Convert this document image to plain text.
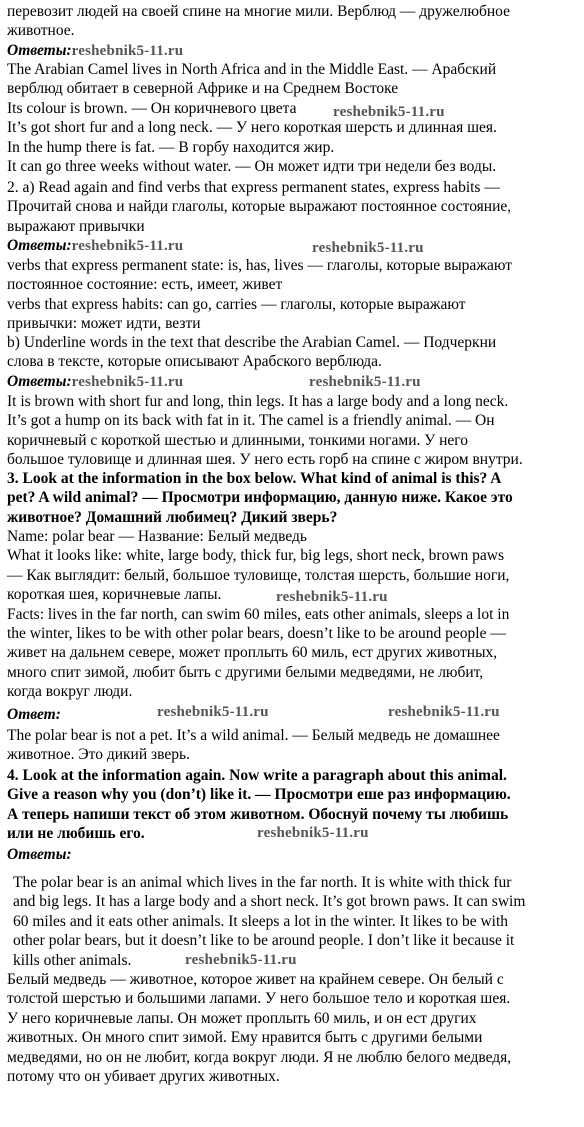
перевозит людей на своей спине на многие мили. Верблюд — дружелюбное
животное.
Ответы:reshebnik5-11.ru
The Arabian Camel lives in North Africa and in the Middle East. — Арабский
верблюд обитает в северной Африке и на Среднем Востоке
Its colour is brown. — Он коричневого цвета
It’s got short fur and a long neck. — У него короткая шерсть и длинная шея.
In the hump there is fat. — В горбу находится жир.
It can go three weeks without water. — Он может идти три недели без воды.
reshebnik5-11.ru
2. a) Read again and find verbs that express permanent states, express habits —
Прочитай снова и найди глаголы, которые выражают постоянное состояние,
выражают привычки
Ответы:reshebnik5-11.ru	reshebnik5-11.ru
verbs that express permanent state: is, has, lives — глаголы, которые выражают
постоянное состояние: есть, имеет, живет
verbs that express habits: can go, carries — глаголы, которые выражают
привычки: может идти, везти
b) Underline words in the text that describe the Arabian Camel. — Подчеркни
слова в тексте, которые описывают Арабского верблюда.
Ответы:reshebnik5-11.ru	reshebnik5-11.ru
It is brown with short fur and long, thin legs. It has a large body and a long neck.
It’s got a hump on its back with fat in it. The camel is a friendly animal. — Он
коричневый с короткой шестью и длинными, тонкими ногами. У него
большое туловище и длинная шея. У него есть горб на спине с жиром внутри.
3. Look at the information in the box below. What kind of animal is this? A
pet? A wild animal? — Просмотри информацию, данную ниже. Какое это
животное? Домашний любимец? Дикий зверь?
Name: polar bear — Название: Белый медведь
What it looks like: white, large body, thick fur, big legs, short neck, brown paws
— Как выглядит: белый, большое туловище, толстая шерсть, большие ноги,
короткая шея, коричневые лапы.
Facts: lives in the far north, can swim 60 miles, eats other animals, sleeps a lot in
the winter, likes to be with other polar bears, doesn’t like to be around people —
живет на дальнем севере, может проплыть 60 миль, ест других животных,
много спит зимой, любит быть с другими белыми медведями, не любит,
когда вокруг люди.
reshebnik5-11.ru
Ответ:	reshebnik5-11.ru	reshebnik5-11.ru
The polar bear is not a pet. It’s a wild animal. — Белый медведь не домашнее
животное. Это дикий зверь.
4. Look at the information again. Now write a paragraph about this animal.
Give a reason why you (don’t) like it. — Просмотри еше раз информацию.
А теперь напиши текст об этом животном. Обоснуй почему ты любишь
или не любишь его.	reshebnik5-11.ru
Ответы:
The polar bear is an animal which lives in the far north. It is white with thick fur
and big legs. It has a large body and a short neck. It’s got brown paws. It can swim
60 miles and it eats other animals. It sleeps a lot in the winter. It likes to be with
other polar bears, but it doesn’t like to be around people. I don’t like it because it
kills other animals.	reshebnik5-11.ru
Белый медведь — животное, которое живет на крайнем севере. Он белый с
толстой шерстью и большими лапами. У него большое тело и короткая шея.
У него коричневые лапы. Он может проплыть 60 миль, и он ест других
животных. Он много спит зимой. Ему нравится быть с другими белыми
медведями, но он не любит, когда вокруг люди. Я не люблю белого медведя,
потому что он убивает других животных.
